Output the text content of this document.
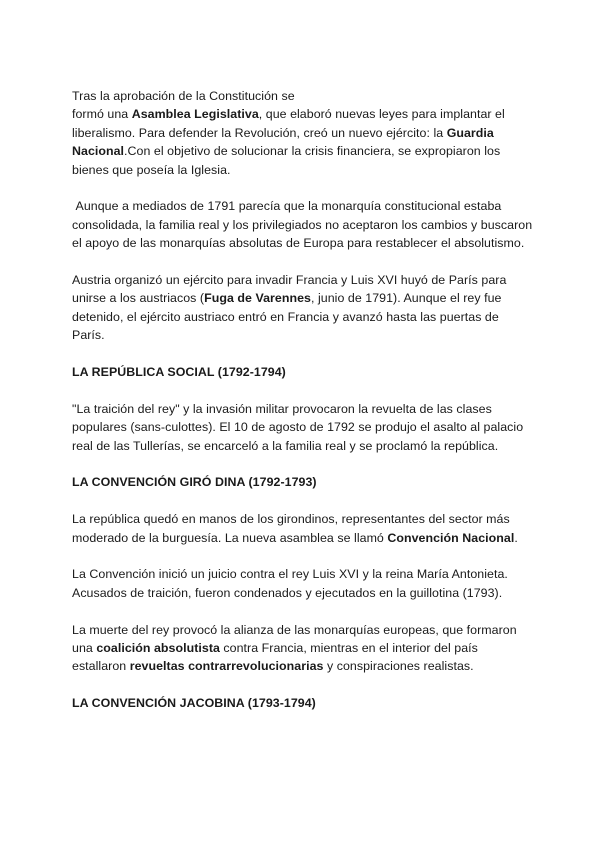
Tras la aprobación de la Constitución se
formó una Asamblea Legislativa, que elaboró nuevas leyes para implantar el liberalismo. Para defender la Revolución, creó un nuevo ejército: la Guardia Nacional.Con el objetivo de solucionar la crisis financiera, se expropiaron los bienes que poseía la Iglesia.

Aunque a mediados de 1791 parecía que la monarquía constitucional estaba consolidada, la familia real y los privilegiados no aceptaron los cambios y buscaron el apoyo de las monarquías absolutas de Europa para restablecer el absolutismo.

Austria organizó un ejército para invadir Francia y Luis XVI huyó de París para unirse a los austriacos (Fuga de Varennes, junio de 1791). Aunque el rey fue detenido, el ejército austriaco entró en Francia y avanzó hasta las puertas de París.

LA REPÚBLICA SOCIAL (1792-1794)

"La traición del rey" y la invasión militar provocaron la revuelta de las clases populares (sans-culottes). El 10 de agosto de 1792 se produjo el asalto al palacio real de las Tullerías, se encarceló a la familia real y se proclamó la república.

LA CONVENCIÓN GIRÓ DINA (1792-1793)

La república quedó en manos de los girondinos, representantes del sector más moderado de la burguesía. La nueva asamblea se llamó Convención Nacional.

La Convención inició un juicio contra el rey Luis XVI y la reina María Antonieta. Acusados de traición, fueron condenados y ejecutados en la guillotina (1793).

La muerte del rey provocó la alianza de las monarquías europeas, que formaron una coalición absolutista contra Francia, mientras en el interior del país estallaron revueltas contrarrevolucionarias y conspiraciones realistas.

LA CONVENCIÓN JACOBINA (1793-1794)
